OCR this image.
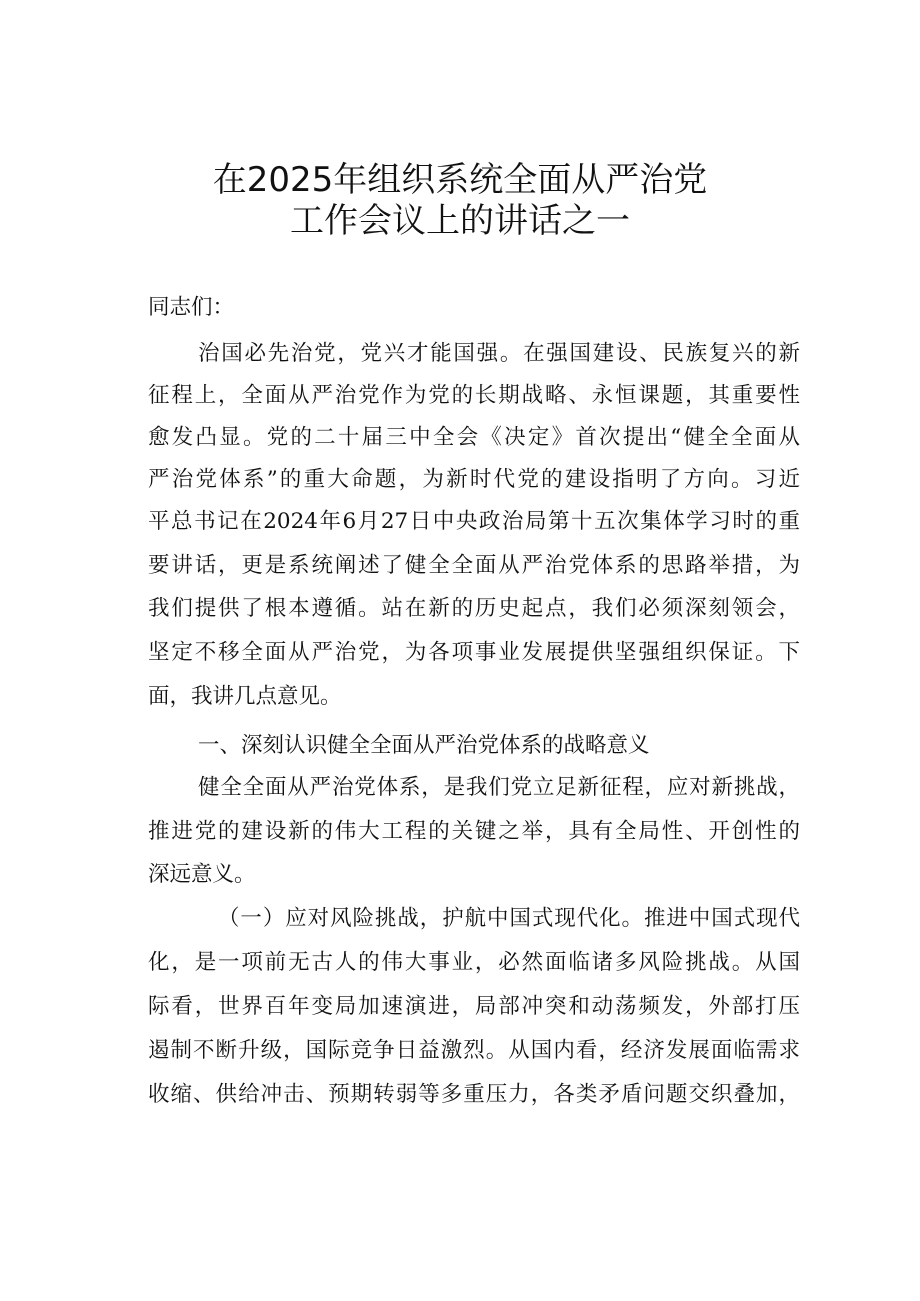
在2025年组织系统全面从严治党
工作会议上的讲话之一
同志们：
治国必先治党，党兴才能国强。在强国建设、民族复兴的新
征程上，全面从严治党作为党的长期战略、永恒课题，其重要性
愈发凸显。党的二十届三中全会《决定》首次提出“健全全面从
严治党体系”的重大命题，为新时代党的建设指明了方向。习近
平总书记在2024年6月27日中央政治局第十五次集体学习时的重
要讲话，更是系统阐述了健全全面从严治党体系的思路举措，为
我们提供了根本遵循。站在新的历史起点，我们必须深刻领会，
坚定不移全面从严治党，为各项事业发展提供坚强组织保证。下
面，我讲几点意见。
一、深刻认识健全全面从严治党体系的战略意义
健全全面从严治党体系，是我们党立足新征程，应对新挑战，
推进党的建设新的伟大工程的关键之举，具有全局性、开创性的
深远意义。
（一）应对风险挑战，护航中国式现代化。推进中国式现代
化，是一项前无古人的伟大事业，必然面临诸多风险挑战。从国
际看，世界百年变局加速演进，局部冲突和动荡频发，外部打压
遏制不断升级，国际竞争日益激烈。从国内看，经济发展面临需求
收缩、供给冲击、预期转弱等多重压力，各类矛盾问题交织叠加，
